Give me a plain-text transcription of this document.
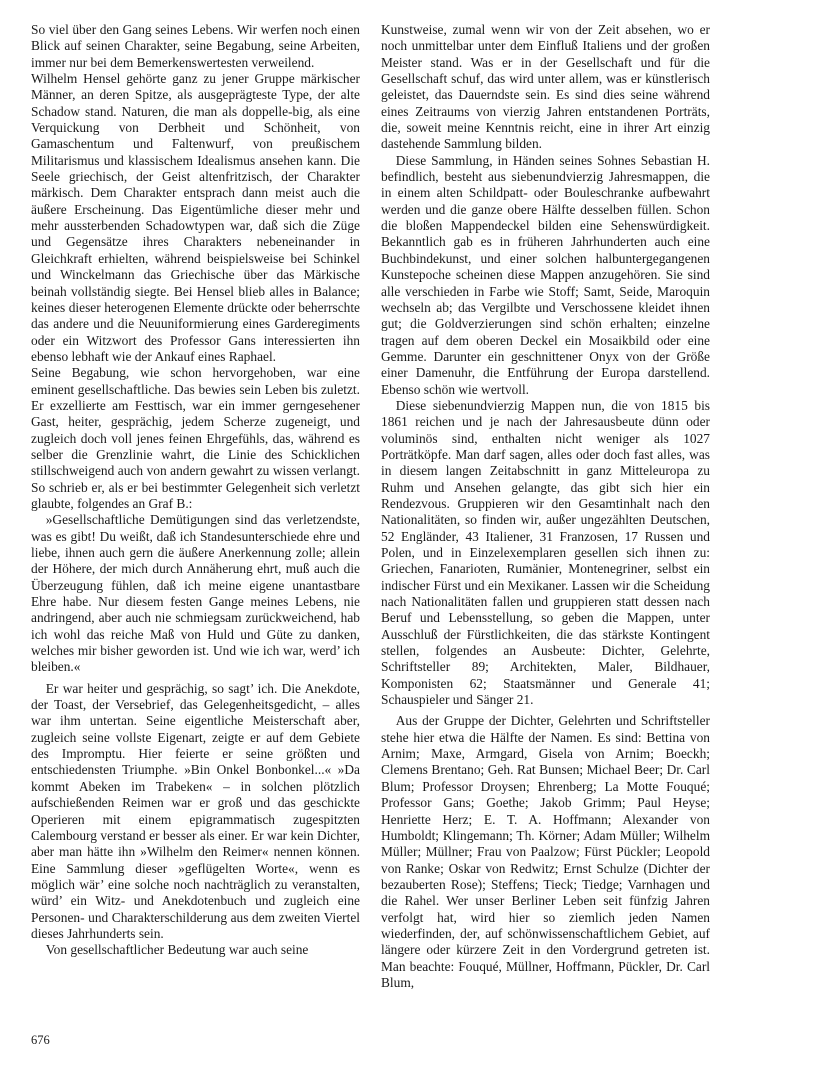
So viel über den Gang seines Lebens. Wir werfen noch einen Blick auf seinen Charakter, seine Begabung, seine Arbeiten, immer nur bei dem Bemerkenswertesten verweilend.

Wilhelm Hensel gehörte ganz zu jener Gruppe märkischer Männer, an deren Spitze, als ausgeprägteste Type, der alte Schadow stand. Naturen, die man als doppelle-big, als eine Verquickung von Derbheit und Schönheit, von Gamaschentum und Faltenwurf, von preußischem Militarismus und klassischem Idealismus ansehen kann. Die Seele griechisch, der Geist altenfritzisch, der Charakter märkisch. Dem Charakter entsprach dann meist auch die äußere Erscheinung. Das Eigentümliche dieser mehr und mehr aussterbenden Schadowtypen war, daß sich die Züge und Gegensätze ihres Charakters nebeneinander in Gleichkraft erhielten, während beispielsweise bei Schinkel und Winckelmann das Griechische über das Märkische beinah vollständig siegte. Bei Hensel blieb alles in Balance; keines dieser heterogenen Elemente drückte oder beherrschte das andere und die Neuuniformierung eines Garderegiments oder ein Witzwort des Professor Gans interessierten ihn ebenso lebhaft wie der Ankauf eines Raphael.

Seine Begabung, wie schon hervorgehoben, war eine eminent gesellschaftliche. Das bewies sein Leben bis zuletzt. Er exzellierte am Festtisch, war ein immer gerngesehener Gast, heiter, gesprächig, jedem Scherze zugeneigt, und zugleich doch voll jenes feinen Ehrgefühls, das, während es selber die Grenzlinie wahrt, die Linie des Schicklichen stillschweigend auch von andern gewahrt zu wissen verlangt. So schrieb er, als er bei bestimmter Gelegenheit sich verletzt glaubte, folgendes an Graf B.:

»Gesellschaftliche Demütigungen sind das verletzendste, was es gibt! Du weißt, daß ich Standesunterschiede ehre und liebe, ihnen auch gern die äußere Anerkennung zolle; allein der Höhere, der mich durch Annäherung ehrt, muß auch die Überzeugung fühlen, daß ich meine eigene unantastbare Ehre habe. Nur diesem festen Gange meines Lebens, nie andringend, aber auch nie schmiegsam zurückweichend, hab ich wohl das reiche Maß von Huld und Güte zu danken, welches mir bisher geworden ist. Und wie ich war, werd’ ich bleiben.«

Er war heiter und gesprächig, so sagt’ ich. Die Anekdote, der Toast, der Versebrief, das Gelegenheitsgedicht, – alles war ihm untertan. Seine eigentliche Meisterschaft aber, zugleich seine vollste Eigenart, zeigte er auf dem Gebiete des Impromptu. Hier feierte er seine größten und entschiedensten Triumphe. »Bin Onkel Bonbonkel...« »Da kommt Abeken im Trabeken« – in solchen plötzlich aufschießenden Reimen war er groß und das geschickte Operieren mit einem epigrammatisch zugespitzten Calembourg verstand er besser als einer. Er war kein Dichter, aber man hätte ihn »Wilhelm den Reimer« nennen können. Eine Sammlung dieser »geflügelten Worte«, wenn es möglich wär’ eine solche noch nachträglich zu veranstalten, würd’ ein Witz- und Anekdotenbuch und zugleich eine Personen- und Charakterschilderung aus dem zweiten Viertel dieses Jahrhunderts sein.

Von gesellschaftlicher Bedeutung war auch seine

Kunstweise, zumal wenn wir von der Zeit absehen, wo er noch unmittelbar unter dem Einfluß Italiens und der großen Meister stand. Was er in der Gesellschaft und für die Gesellschaft schuf, das wird unter allem, was er künstlerisch geleistet, das Dauerndste sein. Es sind dies seine während eines Zeitraums von vierzig Jahren entstandenen Porträts, die, soweit meine Kenntnis reicht, eine in ihrer Art einzig dastehende Sammlung bilden.

Diese Sammlung, in Händen seines Sohnes Sebastian H. befindlich, besteht aus siebenundvierzig Jahresmappen, die in einem alten Schildpatt- oder Bouleschranke aufbewahrt werden und die ganze obere Hälfte desselben füllen. Schon die bloßen Mappendeckel bilden eine Sehenswürdigkeit. Bekanntlich gab es in früheren Jahrhunderten auch eine Buchbindekunst, und einer solchen halbuntergegangenen Kunstepoche scheinen diese Mappen anzugehören. Sie sind alle verschieden in Farbe wie Stoff; Samt, Seide, Maroquin wechseln ab; das Vergilbte und Verschossene kleidet ihnen gut; die Goldverzierungen sind schön erhalten; einzelne tragen auf dem oberen Deckel ein Mosaikbild oder eine Gemme. Darunter ein geschnittener Onyx von der Größe einer Damenuhr, die Entführung der Europa darstellend. Ebenso schön wie wertvoll.

Diese siebenundvierzig Mappen nun, die von 1815 bis 1861 reichen und je nach der Jahresausbeute dünn oder voluminös sind, enthalten nicht weniger als 1027 Porträtköpfe. Man darf sagen, alles oder doch fast alles, was in diesem langen Zeitabschnitt in ganz Mitteleuropa zu Ruhm und Ansehen gelangte, das gibt sich hier ein Rendezvous. Gruppieren wir den Gesamtinhalt nach den Nationalitäten, so finden wir, außer ungezählten Deutschen, 52 Engländer, 43 Italiener, 31 Franzosen, 17 Russen und Polen, und in Einzelexemplaren gesellen sich ihnen zu: Griechen, Fanarioten, Rumänier, Montenegriner, selbst ein indischer Fürst und ein Mexikaner. Lassen wir die Scheidung nach Nationalitäten fallen und gruppieren statt dessen nach Beruf und Lebensstellung, so geben die Mappen, unter Ausschluß der Fürstlichkeiten, die das stärkste Kontingent stellen, folgendes an Ausbeute: Dichter, Gelehrte, Schriftsteller 89; Architekten, Maler, Bildhauer, Komponisten 62; Staatsmänner und Generale 41; Schauspieler und Sänger 21.

Aus der Gruppe der Dichter, Gelehrten und Schriftsteller stehe hier etwa die Hälfte der Namen. Es sind: Bettina von Arnim; Maxe, Armgard, Gisela von Arnim; Boeckh; Clemens Brentano; Geh. Rat Bunsen; Michael Beer; Dr. Carl Blum; Professor Droysen; Ehrenberg; La Motte Fouqué; Professor Gans; Goethe; Jakob Grimm; Paul Heyse; Henriette Herz; E. T. A. Hoffmann; Alexander von Humboldt; Klingemann; Th. Körner; Adam Müller; Wilhelm Müller; Müllner; Frau von Paalzow; Fürst Pückler; Leopold von Ranke; Oskar von Redwitz; Ernst Schulze (Dichter der bezauberten Rose); Steffens; Tieck; Tiedge; Varnhagen und die Rahel. Wer unser Berliner Leben seit fünfzig Jahren verfolgt hat, wird hier so ziemlich jeden Namen wiederfinden, der, auf schönwissenschaftlichem Gebiet, auf längere oder kürzere Zeit in den Vordergrund getreten ist. Man beachte: Fouqué, Müllner, Hoffmann, Pückler, Dr. Carl Blum,

676
